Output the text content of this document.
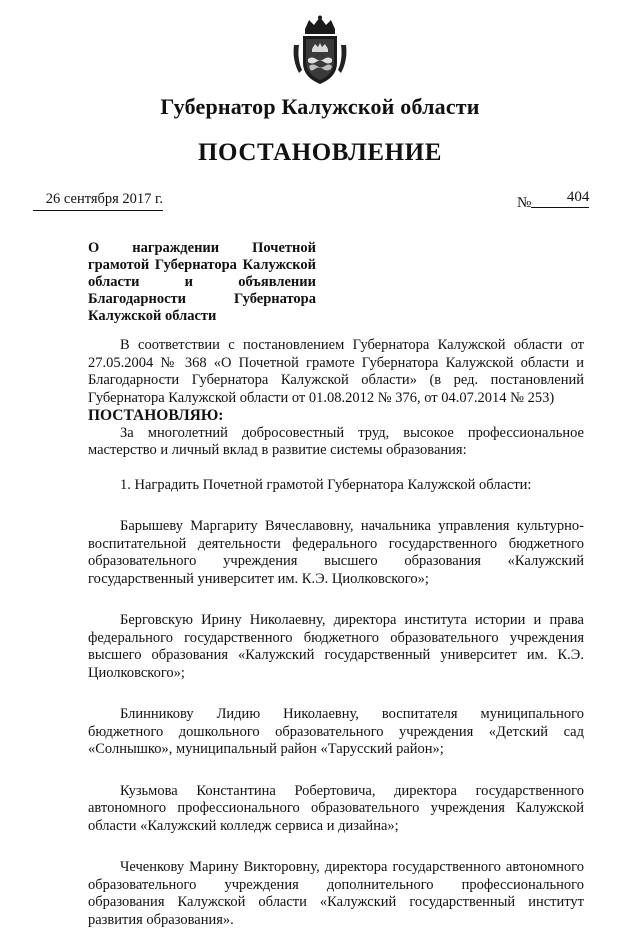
Губернатор Калужской области
ПОСТАНОВЛЕНИЕ
26 сентября 2017 г.	№ 404
О награждении Почетной грамотой Губернатора Калужской области и объявлении Благодарности Губернатора Калужской области

В соответствии с постановлением Губернатора Калужской области от 27.05.2004 № 368 «О Почетной грамоте Губернатора Калужской области и Благодарности Губернатора Калужской области» (в ред. постановлений Губернатора Калужской области от 01.08.2012 № 376, от 04.07.2014 № 253)

ПОСТАНОВЛЯЮ:

За многолетний добросовестный труд, высокое профессиональное мастерство и личный вклад в развитие системы образования:

1. Наградить Почетной грамотой Губернатора Калужской области:

Барышеву Маргариту Вячеславовну, начальника управления культурно-воспитательной деятельности федерального государственного бюджетного образовательного учреждения высшего образования «Калужский государственный университет им. К.Э. Циолковского»;

Берговскую Ирину Николаевну, директора института истории и права федерального государственного бюджетного образовательного учреждения высшего образования «Калужский государственный университет им. К.Э. Циолковского»;

Блинникову Лидию Николаевну, воспитателя муниципального бюджетного дошкольного образовательного учреждения «Детский сад «Солнышко», муниципальный район «Тарусский район»;

Кузьмова Константина Робертовича, директора государственного автономного профессионального образовательного учреждения Калужской области «Калужский колледж сервиса и дизайна»;

Чеченкову Марину Викторовну, директора государственного автономного образовательного учреждения дополнительного профессионального образования Калужской области «Калужский государственный институт развития образования».
